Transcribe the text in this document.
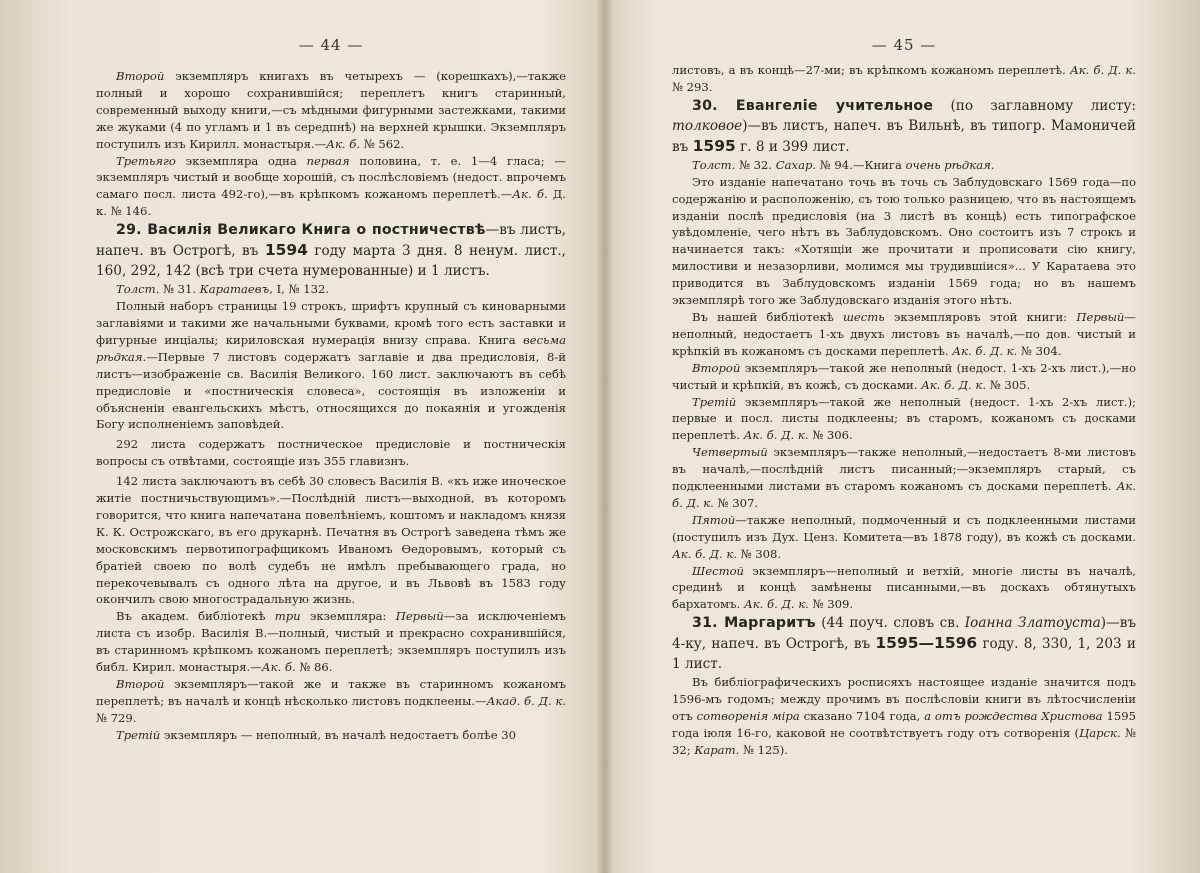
— 44 —

Второй экземпляръ книгахъ въ четырехъ — (корешкахъ),—также полный и хорошо сохранившійся; переплетъ книгъ старинный, современный выходу книги,—съ мѣдными фигурными застежками, такими же жуками (4 по угламъ и 1 въ середпнѣ) на верхней крышки. Экземпляръ поступилъ изъ Кирилл. монастыря.—Ак. б. № 562.

Третьяго экземпляра одна первая половина, т. е. 1—4 гласа; —экземпляръ чистый и вообще хорошій, съ послѣсловіемъ (недост. впрочемъ самаго посл. листа 492-го),—въ крѣпкомъ кожаномъ переплетѣ.—Ак. б. Д. к. № 146.

29. Василія Великаго Книга о постничествѣ—въ листъ, напеч. въ Острогѣ, въ 1594 году марта 3 дня. 8 ненум. лист., 160, 292, 142 (всѣ три счета нумерованные) и 1 листъ.

Толст. № 31. Каратаевъ, I, № 132.

Полный наборъ страницы 19 строкъ, шрифтъ крупный съ киноварными заглавіями и такими же начальными буквами, кромѣ того есть заставки и фигурные инціалы; кириловская нумерація внизу справа. Книга весьма рѣдкая.—Первые 7 листовъ содержатъ заглавіе и два предисловія, 8-й листъ—изображеніе св. Василія Великого. 160 лист. заключаютъ въ себѣ предисловіе и «постническія словеса», состоящія въ изложеніи и объясненіи евангельскихъ мѣстъ, относящихся до покаянія и угожденія Богу исполненіемъ заповѣдей.

292 листа содержатъ постническое предисловіе и постническія вопросы съ отвѣтами, состоящіе изъ 355 главизнъ.

142 листа заключаютъ въ себѣ 30 словесъ Василія В. «къ иже иноческое житіе постничьствующимъ».—Послѣдній листъ—выходной, въ которомъ говорится, что книга напечатана повелѣніемъ, коштомъ и накладомъ князя К. К. Острожскаго, въ его друкарнѣ. Печатня въ Острогѣ заведена тѣмъ же московскимъ первотипографщикомъ Иваномъ Ѳедоровымъ, который съ братіей своею по волѣ судебъ не имѣлъ пребывающего града, но перекочевывалъ съ одного лѣта на другое, и въ Львовѣ въ 1583 году окончилъ свою многострадальную жизнь.

Въ академ. библіотекѣ три экземпляра: Первый—за исключеніемъ листа съ изобр. Василія В.—полный, чистый и прекрасно сохранившійся, въ старинномъ крѣпкомъ кожаномъ переплетѣ; экземпляръ поступилъ изъ библ. Кирил. монастыря.—Ак. б. № 86.

Второй экземпляръ—такой же и также въ старинномъ кожаномъ переплетѣ; въ началѣ и концѣ нѣсколько листовъ подклеены.—Акад. б. Д. к. № 729.

Третій экземпляръ — неполный, въ началѣ недостаетъ болѣе 30

— 45 —

листовъ, а въ концѣ—27-ми; въ крѣпкомъ кожаномъ переплетѣ. Ак. б. Д. к. № 293.

30. Евангеліе учительное (по заглавному листу: толковое)—въ листъ, напеч. въ Вильнѣ, въ типогр. Мамоничей въ 1595 г. 8 и 399 лист.

Толст. № 32. Сахар. № 94.—Книга очень рѣдкая.

Это изданіе напечатано точь въ точь съ Заблудовскаго 1569 года—по содержанію и расположенію, съ тою только разницею, что въ настоящемъ изданіи послѣ предисловія (на 3 листѣ въ концѣ) есть типографское увѣдомленіе, чего нѣтъ въ Заблудовскомъ. Оно состоитъ изъ 7 строкъ и начинается такъ: «Хотящіи же прочитати и прописовати сію книгу, милостиви и незазорливи, молимся мы трудившіися»... У Каратаева это приводится въ Заблудовскомъ изданіи 1569 года; но въ нашемъ экземплярѣ того же Заблудовскаго изданія этого нѣтъ.

Въ нашей библіотекѣ шесть экземпляровъ этой книги: Первый—неполный, недостаетъ 1-хъ двухъ листовъ въ началѣ,—по дов. чистый и крѣпкій въ кожаномъ съ досками переплетѣ. Ак. б. Д. к. № 304.

Второй экземпляръ—такой же неполный (недост. 1-хъ 2-хъ лист.),—но чистый и крѣпкій, въ кожѣ, съ досками. Ак. б. Д. к. № 305.

Третій экземпляръ—такой же неполный (недост. 1-хъ 2-хъ лист.); первые и посл. листы подклеены; въ старомъ, кожаномъ съ досками переплетѣ. Ак. б. Д. к. № 306.

Четвертый экземпляръ—также неполный,—недостаетъ 8-ми листовъ въ началѣ,—послѣдній листъ писанный;—экземпляръ старый, съ подклеенными листами въ старомъ кожаномъ съ досками переплетѣ. Ак. б. Д. к. № 307.

Пятой—также неполный, подмоченный и съ подклеенными листами (поступилъ изъ Дух. Ценз. Комитета—въ 1878 году), въ кожѣ съ досками. Ак. б. Д. к. № 308.

Шестой экземпляръ—неполный и ветхій, многіе листы въ началѣ, срединѣ и концѣ замѣнены писанными,—въ доскахъ обтянутыхъ бархатомъ. Ак. б. Д. к. № 309.

31. Маргаритъ (44 поуч. словъ св. Іоанна Златоуста)—въ 4-ку, напеч. въ Острогѣ, въ 1595—1596 году. 8, 330, 1, 203 и 1 лист.

Въ библіографическихъ росписяхъ настоящее изданіе значится подъ 1596-мъ годомъ; между прочимъ въ послѣсловіи книги въ лѣтосчисленіи отъ сотворенія міра сказано 7104 года, а отъ рождества Христова 1595 года іюля 16-го, каковой не соотвѣтствуетъ году отъ сотворенія (Царск. № 32; Карат. № 125).
